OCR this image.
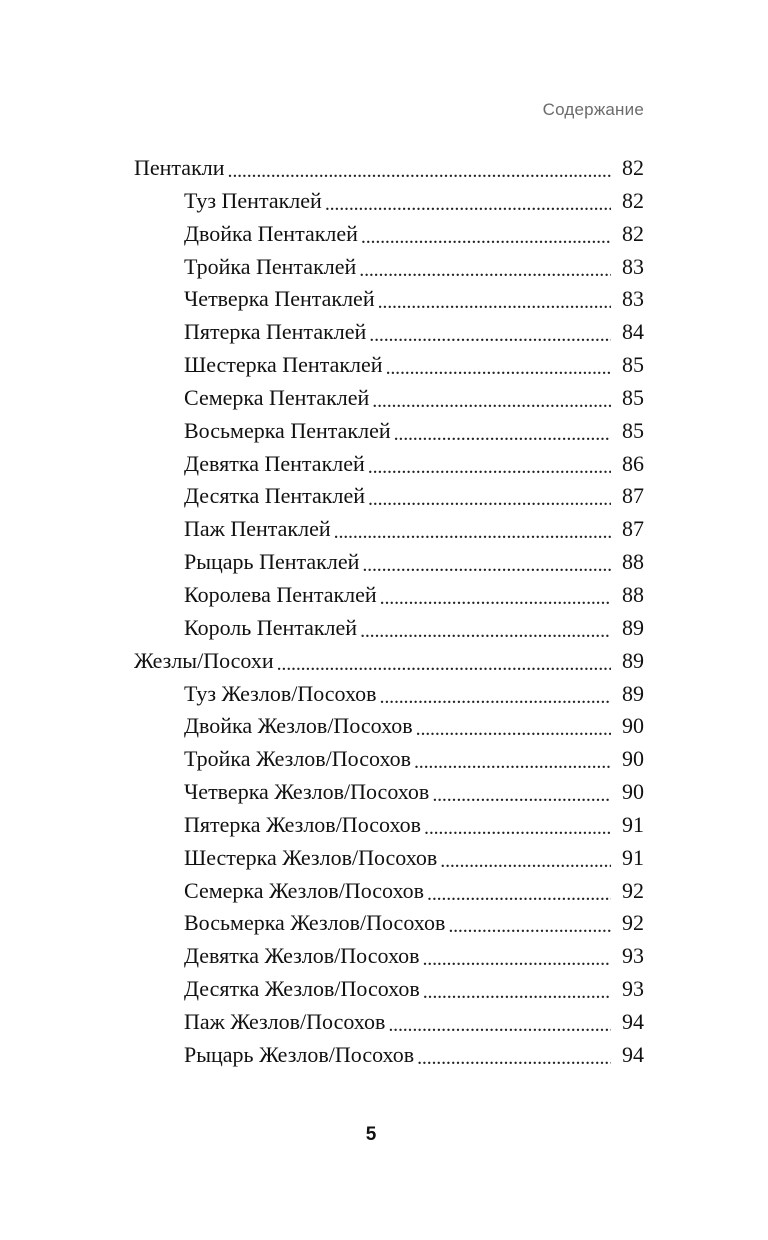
Содержание
Пентакли . . .	82
Туз Пентаклей . . .	82
Двойка Пентаклей . . .	82
Тройка Пентаклей . . .	83
Четверка Пентаклей . . .	83
Пятерка Пентаклей . . .	84
Шестерка Пентаклей . . .	85
Семерка Пентаклей . . .	85
Восьмерка Пентаклей . . .	85
Девятка Пентаклей . . .	86
Десятка Пентаклей . . .	87
Паж Пентаклей . . .	87
Рыцарь Пентаклей . . .	88
Королева Пентаклей . . .	88
Король Пентаклей . . .	89
Жезлы/Посохи . . .	89
Туз Жезлов/Посохов . . .	89
Двойка Жезлов/Посохов . . .	90
Тройка Жезлов/Посохов . . .	90
Четверка Жезлов/Посохов . . .	90
Пятерка Жезлов/Посохов . . .	91
Шестерка Жезлов/Посохов . . .	91
Семерка Жезлов/Посохов . . .	92
Восьмерка Жезлов/Посохов . . .	92
Девятка Жезлов/Посохов . . .	93
Десятка Жезлов/Посохов . . .	93
Паж Жезлов/Посохов . . .	94
Рыцарь Жезлов/Посохов . . .	94
5
